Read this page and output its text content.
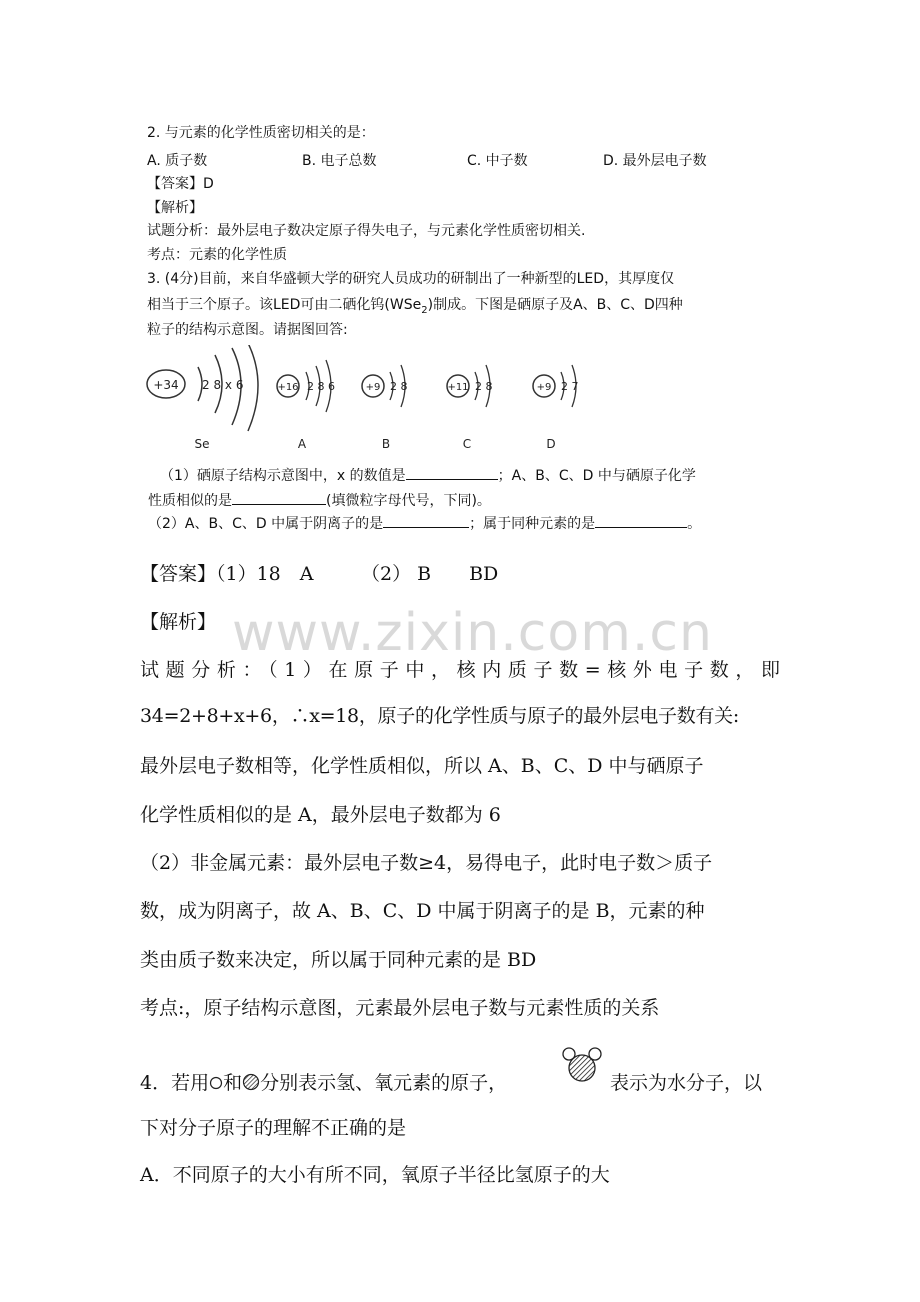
2. 与元素的化学性质密切相关的是：
A. 质子数	B. 电子总数	C. 中子数	D. 最外层电子数
【答案】D
【解析】
试题分析：最外层电子数决定原子得失电子，与元素化学性质密切相关.
考点：元素的化学性质
3. (4分)目前，来自华盛顿大学的研究人员成功的研制出了一种新型的LED，其厚度仅
相当于三个原子。该LED可由二硒化钨(WSe$_2$)制成。下图是硒原子及A、B、C、D四种
粒子的结构示意图。请据图回答:
+34 2 8 x 6
Se
+16 2 8 6
A
+9 2 8
B
+11 2 8
C
+9 2 7
D
（1）硒原子结构示意图中，x 的数值是	；A、B、C、D 中与硒原子化学
性质相似的是	(填微粒字母代号，下同)。
（2）A、B、C、D 中属于阴离子的是	；属于同种元素的是	。
【答案】（1）18　A　　　（2） B　　BD
【解析】 www.zixin.com.cn
试题分析：（1）在原子中，核内质子数=核外电子数，即
34=2+8+x+6，∴x=18，原子的化学性质与原子的最外层电子数有关:
最外层电子数相等，化学性质相似，所以 A、B、C、D 中与硒原子
化学性质相似的是 A，最外层电子数都为 6
（2）非金属元素：最外层电子数≥4，易得电子，此时电子数＞质子
数，成为阴离子，故 A、B、C、D 中属于阴离子的是 B，元素的种
类由质子数来决定，所以属于同种元素的是 BD
考点:，原子结构示意图，元素最外层电子数与元素性质的关系
4．若用 和 分别表示氢、氧元素的原子，	表示为水分子，以
下对分子原子的理解不正确的是
A．不同原子的大小有所不同，氧原子半径比氢原子的大
